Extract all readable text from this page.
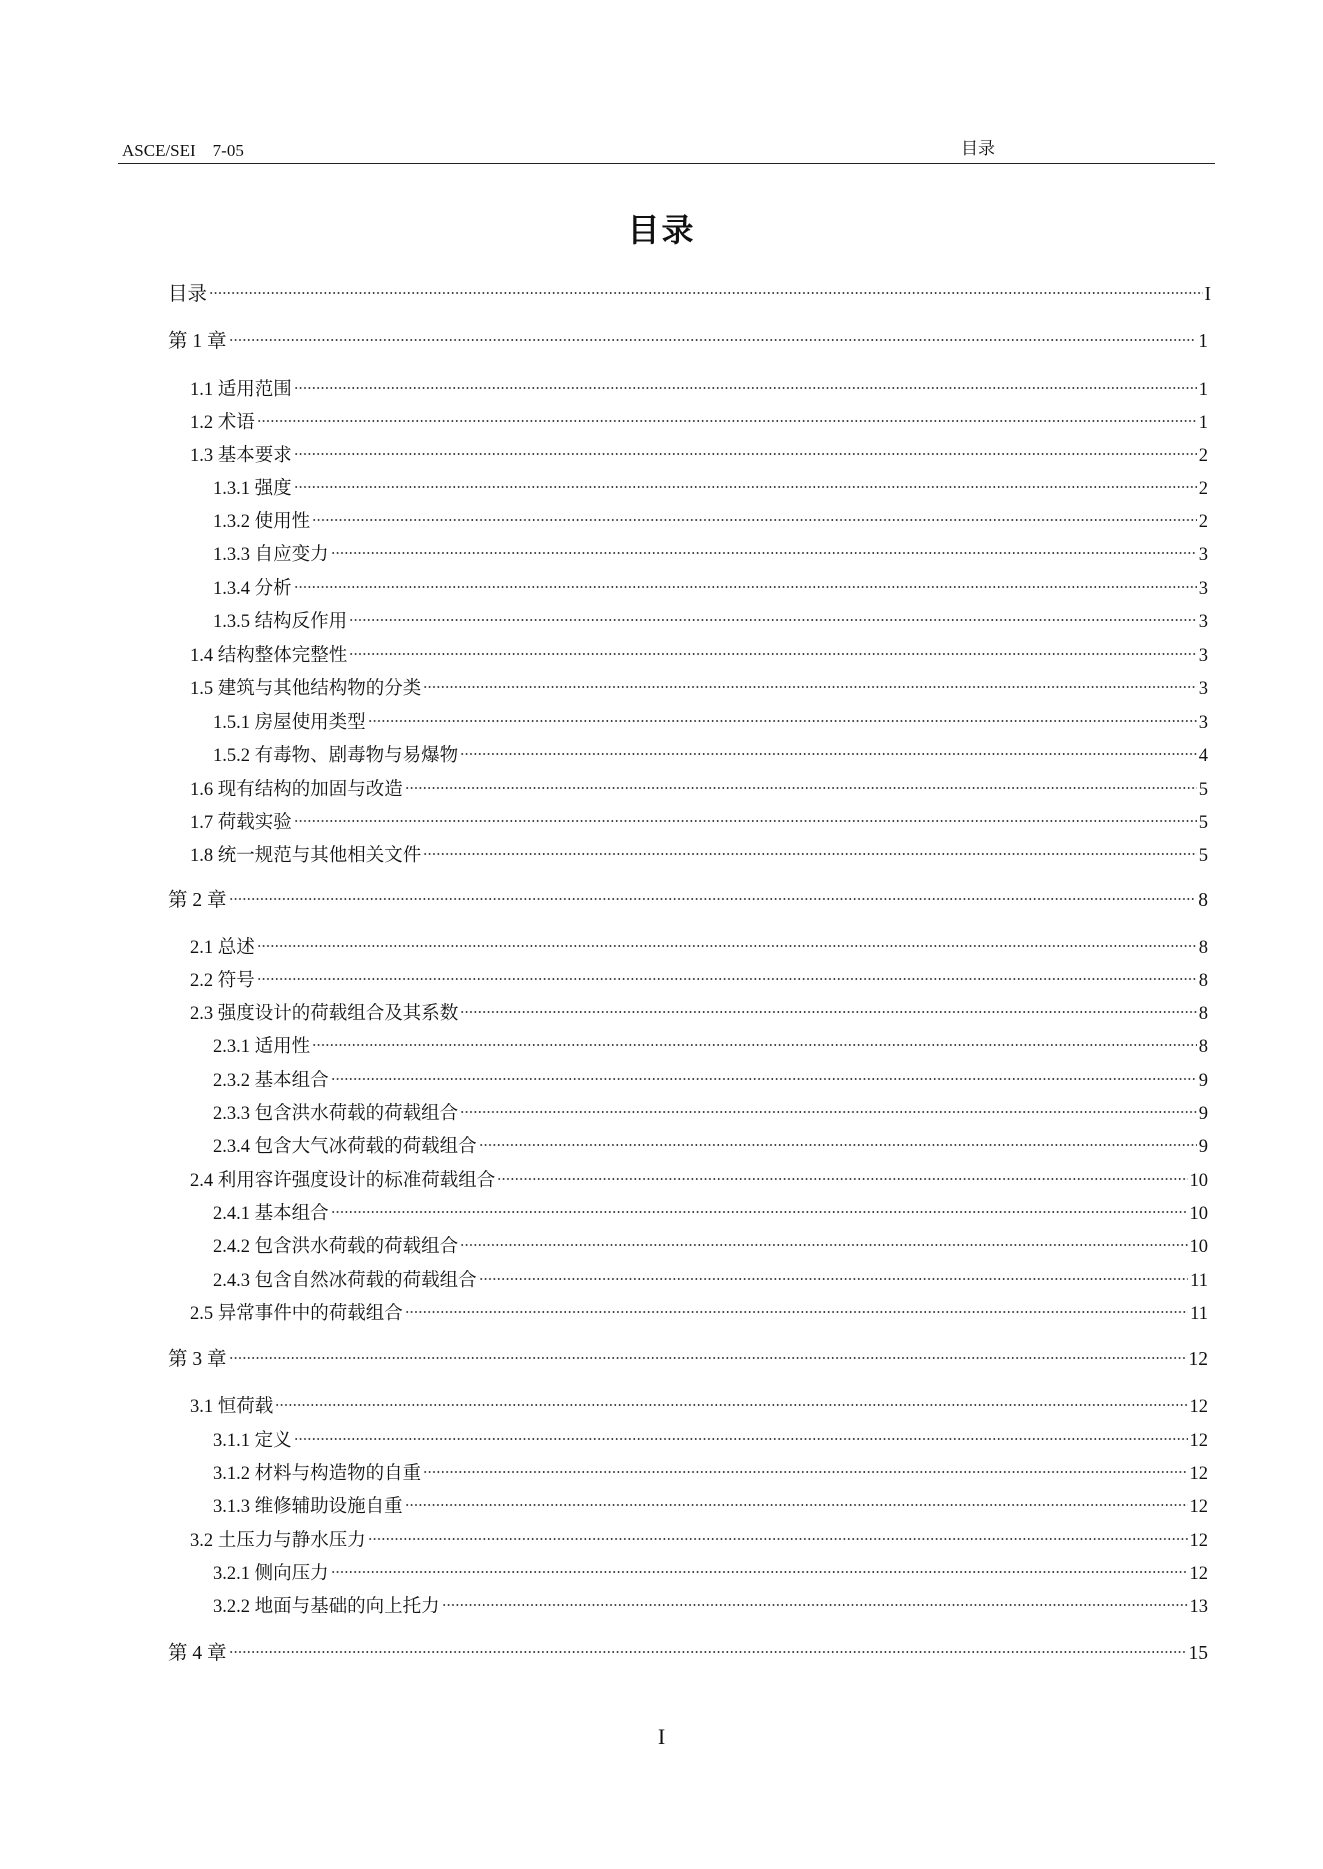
ASCE/SEI　7-05	目录
目录
目录	I
第 1 章	1
1.1 适用范围	1
1.2 术语	1
1.3 基本要求	2
1.3.1 强度	2
1.3.2 使用性	2
1.3.3 自应变力	3
1.3.4 分析	3
1.3.5 结构反作用	3
1.4 结构整体完整性	3
1.5 建筑与其他结构物的分类	3
1.5.1 房屋使用类型	3
1.5.2 有毒物、剧毒物与易爆物	4
1.6 现有结构的加固与改造	5
1.7 荷载实验	5
1.8 统一规范与其他相关文件	5
第 2 章	8
2.1 总述	8
2.2 符号	8
2.3 强度设计的荷载组合及其系数	8
2.3.1 适用性	8
2.3.2 基本组合	9
2.3.3 包含洪水荷载的荷载组合	9
2.3.4 包含大气冰荷载的荷载组合	9
2.4 利用容许强度设计的标准荷载组合	10
2.4.1 基本组合	10
2.4.2 包含洪水荷载的荷载组合	10
2.4.3 包含自然冰荷载的荷载组合	11
2.5 异常事件中的荷载组合	11
第 3 章	12
3.1 恒荷载	12
3.1.1 定义	12
3.1.2 材料与构造物的自重	12
3.1.3 维修辅助设施自重	12
3.2 土压力与静水压力	12
3.2.1 侧向压力	12
3.2.2 地面与基础的向上托力	13
第 4 章	15
I
